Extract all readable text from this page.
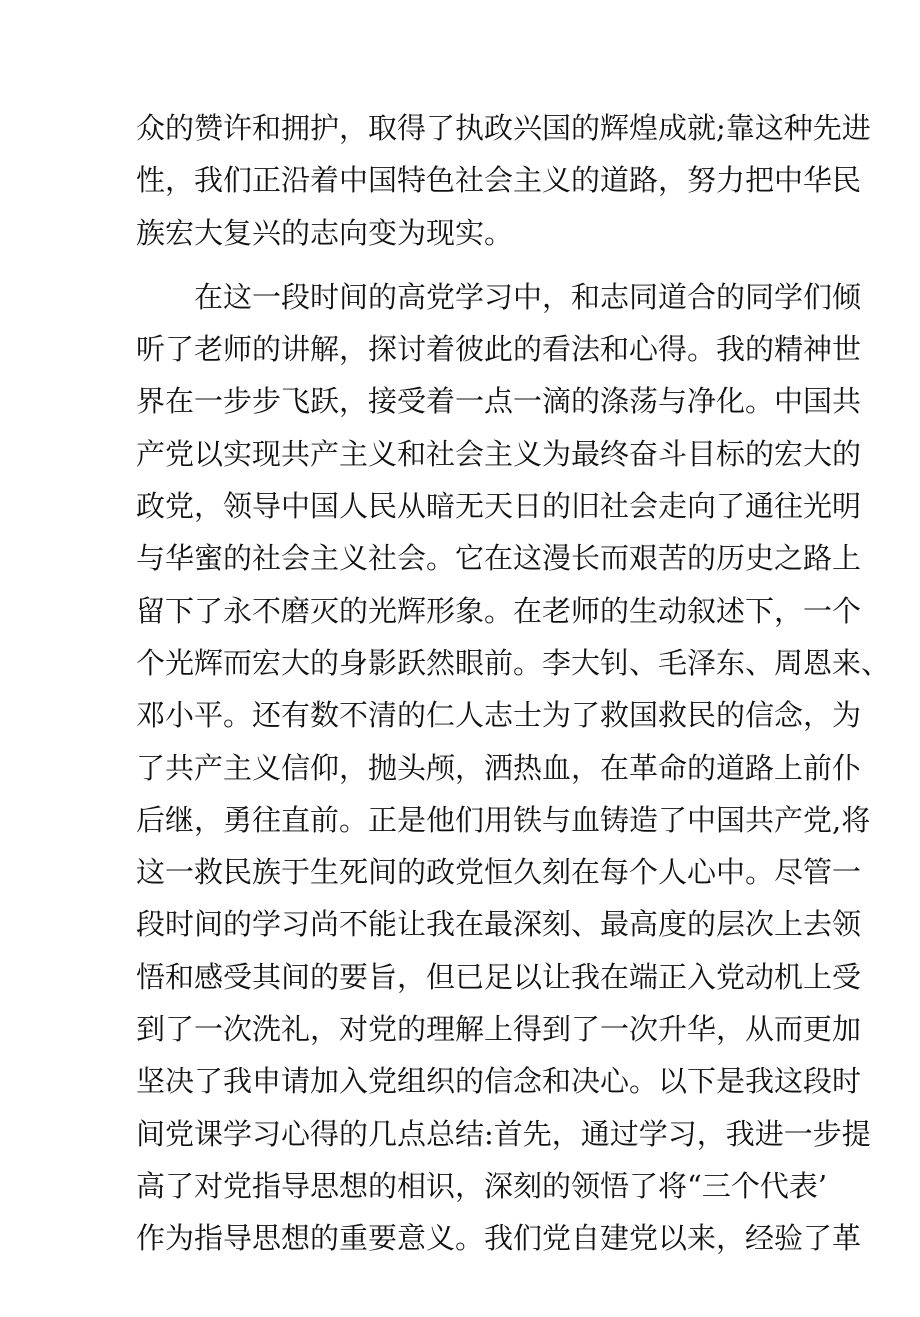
众的赞许和拥护，取得了执政兴国的辉煌成就;靠这种先进
性，我们正沿着中国特色社会主义的道路，努力把中华民
族宏大复兴的志向变为现实。
　　在这一段时间的高党学习中，和志同道合的同学们倾
听了老师的讲解，探讨着彼此的看法和心得。我的精神世
界在一步步飞跃，接受着一点一滴的涤荡与净化。中国共
产党以实现共产主义和社会主义为最终奋斗目标的宏大的
政党，领导中国人民从暗无天日的旧社会走向了通往光明
与华蜜的社会主义社会。它在这漫长而艰苦的历史之路上
留下了永不磨灭的光辉形象。在老师的生动叙述下，一个
个光辉而宏大的身影跃然眼前。李大钊、毛泽东、周恩来、
邓小平。还有数不清的仁人志士为了救国救民的信念，为
了共产主义信仰，抛头颅，洒热血，在革命的道路上前仆
后继，勇往直前。正是他们用铁与血铸造了中国共产党,将
这一救民族于生死间的政党恒久刻在每个人心中。尽管一
段时间的学习尚不能让我在最深刻、最高度的层次上去领
悟和感受其间的要旨，但已足以让我在端正入党动机上受
到了一次洗礼，对党的理解上得到了一次升华，从而更加
坚决了我申请加入党组织的信念和决心。以下是我这段时
间党课学习心得的几点总结:首先，通过学习，我进一步提
高了对党指导思想的相识，深刻的领悟了将“三个代表’
作为指导思想的重要意义。我们党自建党以来，经验了革
